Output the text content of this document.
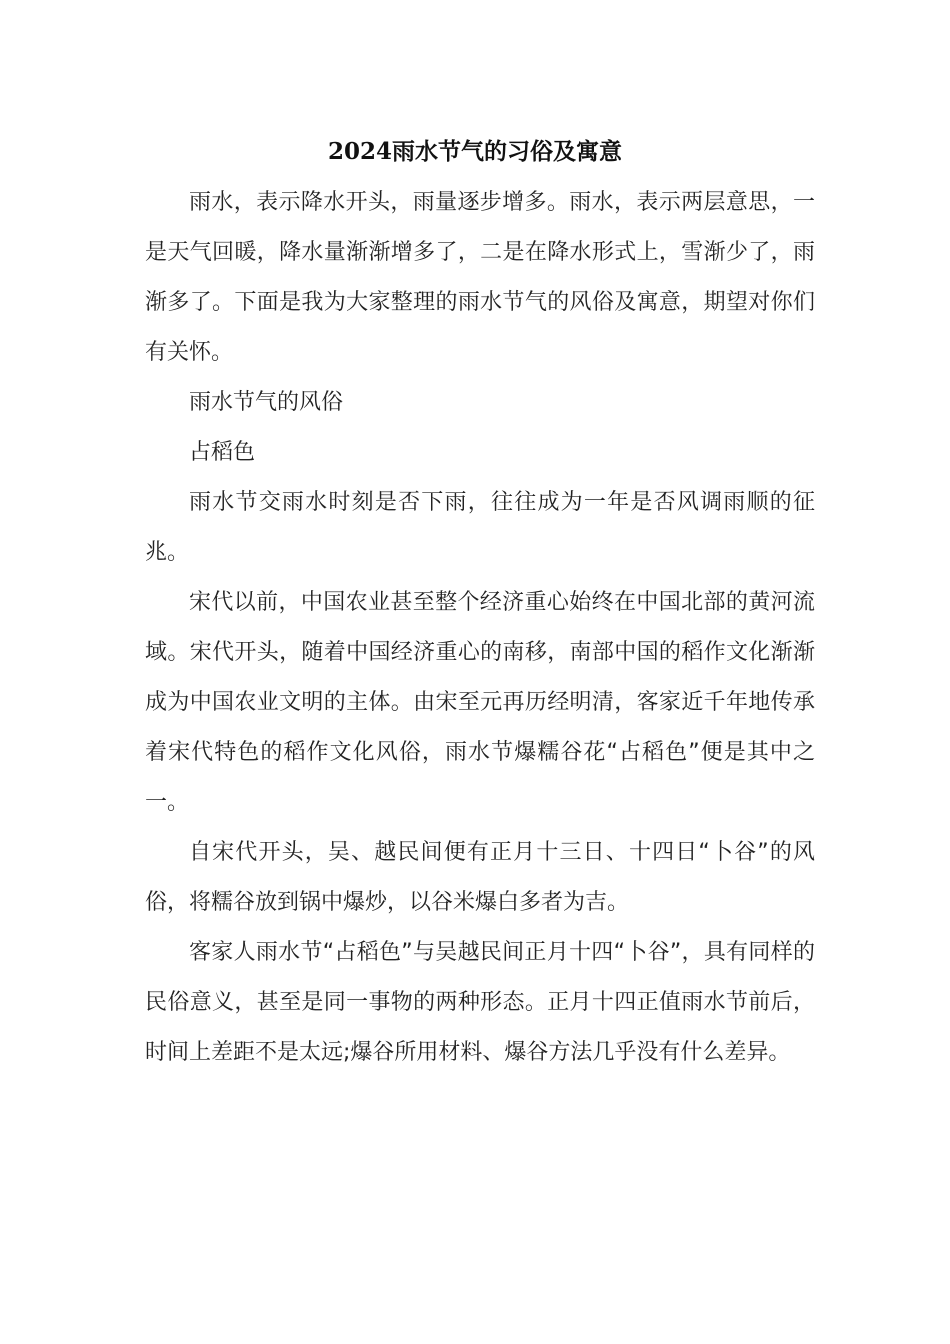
2024雨水节气的习俗及寓意

雨水，表示降水开头，雨量逐步增多。雨水，表示两层意思，一是天气回暖，降水量渐渐增多了，二是在降水形式上，雪渐少了，雨渐多了。下面是我为大家整理的雨水节气的风俗及寓意，期望对你们有关怀。

雨水节气的风俗

占稻色

雨水节交雨水时刻是否下雨，往往成为一年是否风调雨顺的征兆。

宋代以前，中国农业甚至整个经济重心始终在中国北部的黄河流域。宋代开头，随着中国经济重心的南移，南部中国的稻作文化渐渐成为中国农业文明的主体。由宋至元再历经明清，客家近千年地传承着宋代特色的稻作文化风俗，雨水节爆糯谷花“占稻色”便是其中之一。

自宋代开头，吴、越民间便有正月十三日、十四日“卜谷”的风俗，将糯谷放到锅中爆炒，以谷米爆白多者为吉。

客家人雨水节“占稻色”与吴越民间正月十四“卜谷”，具有同样的民俗意义，甚至是同一事物的两种形态。正月十四正值雨水节前后，时间上差距不是太远;爆谷所用材料、爆谷方法几乎没有什么差异。
